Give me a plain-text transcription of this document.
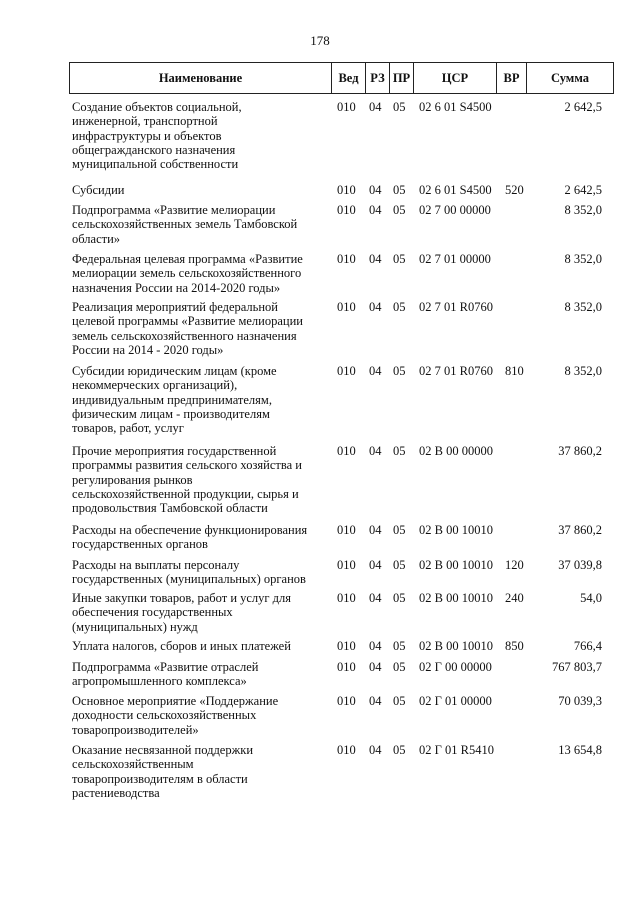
178
Наименование	Вед РЗ ПР	ЦСР	ВР	Сумма
Создание объектов социальной,
инженерной, транспортной
инфраструктуры и объектов
общегражданского назначения
муниципальной собственности
010 04 05 02 6 01 S4500	2 642,5
Субсидии	010 04 05 02 6 01 S4500 520	2 642,5
Подпрограмма «Развитие мелиорации
сельскохозяйственных земель Тамбовской
области»
010 04 05 02 7 00 00000	8 352,0
Федеральная целевая программа «Развитие
мелиорации земель сельскохозяйственного
назначения России на 2014-2020 годы»
010 04 05 02 7 01 00000	8 352,0
Реализация мероприятий федеральной
целевой программы «Развитие мелиорации
земель сельскохозяйственного назначения
России на 2014 - 2020 годы»
010 04 05 02 7 01 R0760	8 352,0
Субсидии юридическим лицам (кроме
некоммерческих организаций),
индивидуальным предпринимателям,
физическим лицам - производителям
товаров, работ, услуг
010 04 05 02 7 01 R0760 810	8 352,0
Прочие мероприятия государственной
программы развития сельского хозяйства и
регулирования рынков
сельскохозяйственной продукции, сырья и
продовольствия Тамбовской области
010 04 05 02 В 00 00000	37 860,2
Расходы на обеспечение функционирования
государственных органов
010 04 05 02 В 00 10010	37 860,2
Расходы на выплаты персоналу
государственных (муниципальных) органов
010 04 05 02 В 00 10010 120	37 039,8
Иные закупки товаров, работ и услуг для
обеспечения государственных
(муниципальных) нужд
010 04 05 02 В 00 10010 240	54,0
Уплата налогов, сборов и иных платежей	010 04 05 02 В 00 10010 850	766,4
Подпрограмма «Развитие отраслей
агропромышленного комплекса»
010 04 05 02 Г 00 00000	767 803,7
Основное мероприятие «Поддержание
доходности сельскохозяйственных
товаропроизводителей»
010 04 05 02 Г 01 00000	70 039,3
Оказание несвязанной поддержки
сельскохозяйственным
товаропроизводителям в области
растениеводства
010 04 05 02 Г 01 R5410	13 654,8
